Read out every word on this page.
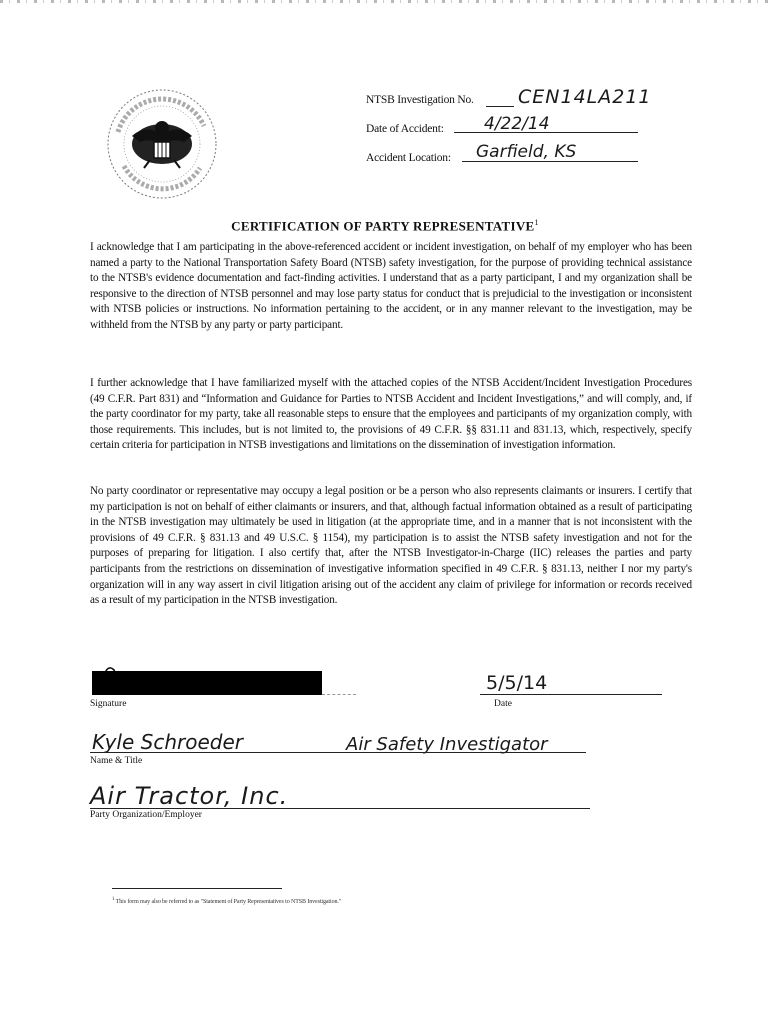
NTSB Investigation No. CEN14LA211
Date of Accident: 4/22/14
Accident Location: Garfield, KS
CERTIFICATION OF PARTY REPRESENTATIVE$^1$

I acknowledge that I am participating in the above-referenced accident or incident investigation, on behalf of my employer who has been named a party to the National Transportation Safety Board (NTSB) safety investigation, for the purpose of providing technical assistance to the NTSB's evidence documentation and fact-finding activities. I understand that as a party participant, I and my organization shall be responsive to the direction of NTSB personnel and may lose party status for conduct that is prejudicial to the investigation or inconsistent with NTSB policies or instructions. No information pertaining to the accident, or in any manner relevant to the investigation, may be withheld from the NTSB by any party or party participant.

I further acknowledge that I have familiarized myself with the attached copies of the NTSB Accident/Incident Investigation Procedures (49 C.F.R. Part 831) and “Information and Guidance for Parties to NTSB Accident and Incident Investigations,” and will comply, and, if the party coordinator for my party, take all reasonable steps to ensure that the employees and participants of my organization comply, with those requirements. This includes, but is not limited to, the provisions of 49 C.F.R. §§ 831.11 and 831.13, which, respectively, specify certain criteria for participation in NTSB investigations and limitations on the dissemination of investigation information.

No party coordinator or representative may occupy a legal position or be a person who also represents claimants or insurers. I certify that my participation is not on behalf of either claimants or insurers, and that, although factual information obtained as a result of participating in the NTSB investigation may ultimately be used in litigation (at the appropriate time, and in a manner that is not inconsistent with the provisions of 49 C.F.R. § 831.13 and 49 U.S.C. § 1154), my participation is to assist the NTSB safety investigation and not for the purposes of preparing for litigation. I also certify that, after the NTSB Investigator-in-Charge (IIC) releases the parties and party participants from the restrictions on dissemination of investigative information specified in 49 C.F.R. § 831.13, neither I nor my party's organization will in any way assert in civil litigation arising out of the accident any claim of privilege for information or records received as a result of my participation in the NTSB investigation.

Signature
5/5/14
Date
Kyle Schroeder	Air Safety Investigator
Name & Title
Air Tractor, Inc.
Party Organization/Employer
$^1$ This form may also be referred to as "Statement of Party Representatives to NTSB Investigation."
